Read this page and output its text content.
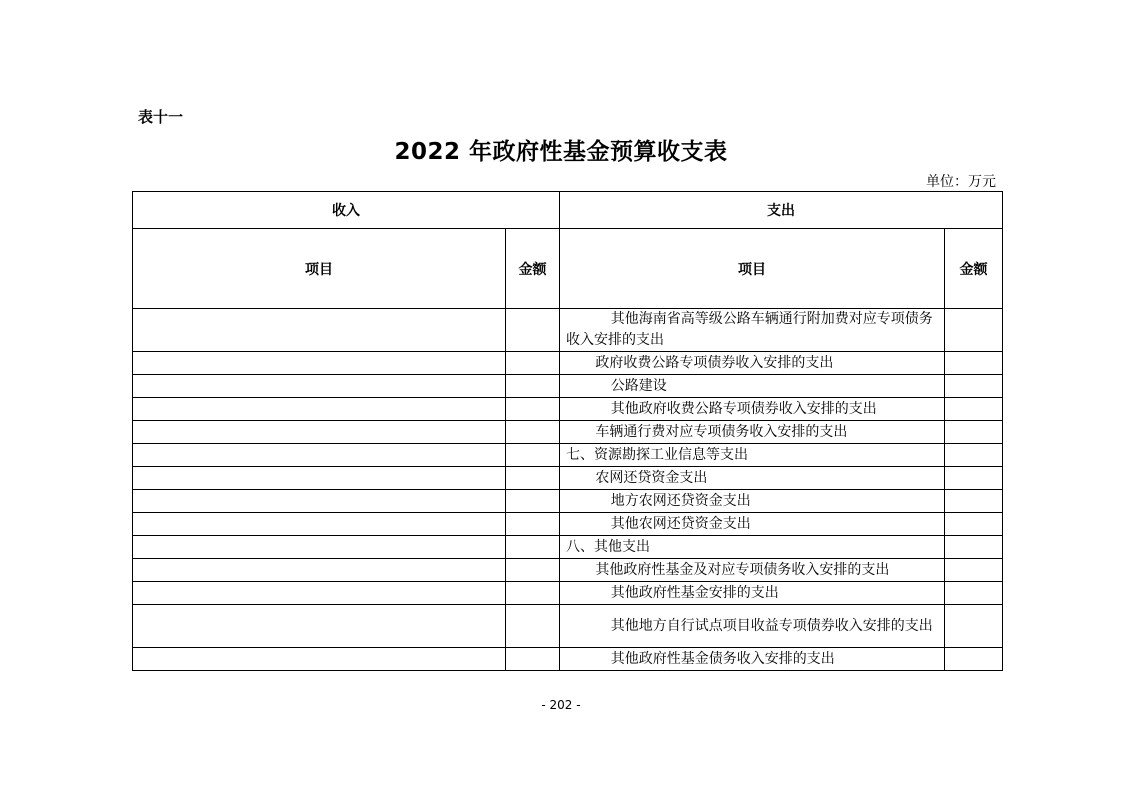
表十一
2022 年政府性基金预算收支表
单位：万元
收入		支出	
项目	金额	项目	金额
		其他海南省高等级公路车辆通行附加费对应专项债务收入安排的支出	
		政府收费公路专项债券收入安排的支出	
		公路建设	
		其他政府收费公路专项债券收入安排的支出	
		车辆通行费对应专项债务收入安排的支出	
		七、资源勘探工业信息等支出	
		农网还贷资金支出	
		地方农网还贷资金支出	
		其他农网还贷资金支出	
		八、其他支出	
		其他政府性基金及对应专项债务收入安排的支出	
		其他政府性基金安排的支出	
		其他地方自行试点项目收益专项债券收入安排的支出	
		其他政府性基金债务收入安排的支出	
- 202 -
